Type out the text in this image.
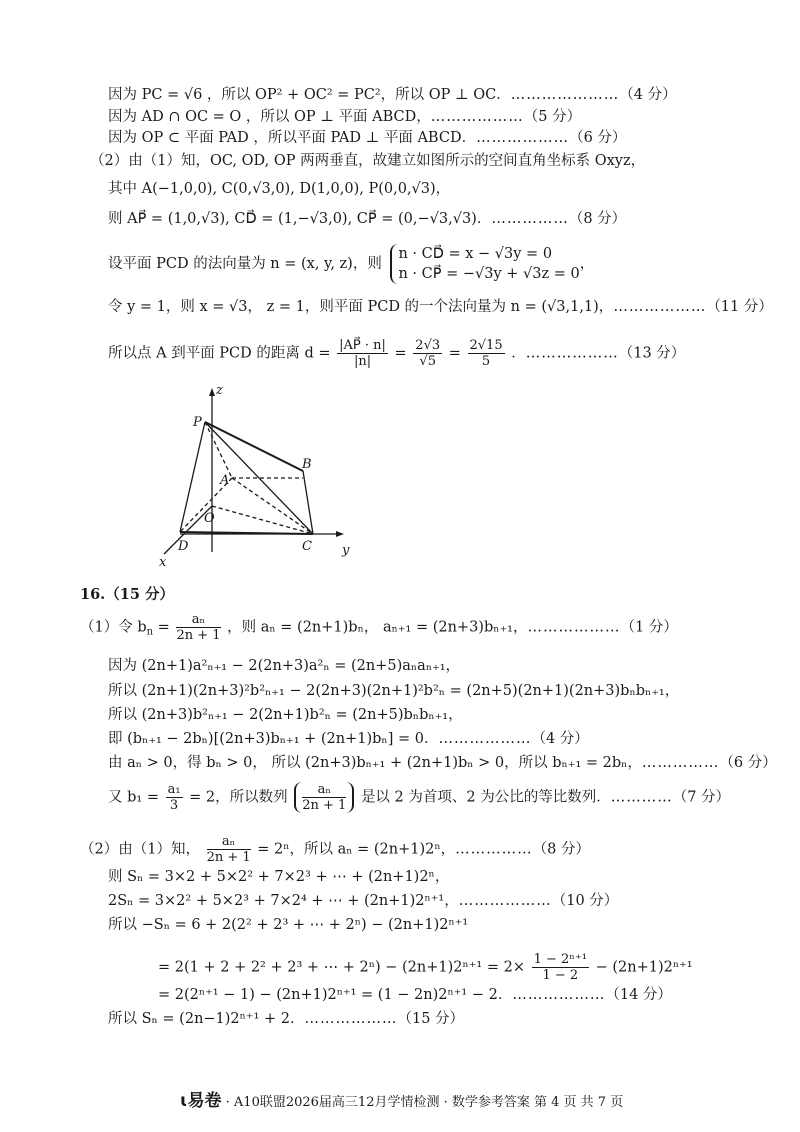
因为 PC = √6 ，所以 OP² + OC² = PC²，所以 OP ⊥ OC．…………………（4 分）
因为 AD ∩ OC = O ，所以 OP ⊥ 平面 ABCD，………………（5 分）
因为 OP ⊂ 平面 PAD ，所以平面 PAD ⊥ 平面 ABCD．………………（6 分）
（2）由（1）知，OC, OD, OP 两两垂直，故建立如图所示的空间直角坐标系 Oxyz，
其中 A(−1,0,0), C(0,√3,0), D(1,0,0), P(0,0,√3)，
则 AP⃗ = (1,0,√3), CD⃗ = (1,−√3,0), CP⃗ = (0,−√3,√3)．……………（8 分）
设平面 PCD 的法向量为 n = (x, y, z)，则
n · CD⃗ = x − √3y = 0
n · CP⃗ = −√3y + √3z = 0
，
令 y = 1，则 x = √3， z = 1，则平面 PCD 的一个法向量为 n = (√3,1,1)，………………（11 分）
所以点 A 到平面 PCD 的距离 $d = \frac{|AP⃗ \cdot n|}{|n|} = \frac{2√3}{√5} = \frac{2√15}{5}$ ．………………（13 分）
z
P
B
A
O
D	C
x
y
16.（15 分）
（1）令 $b_n = \frac{\text{aₙ}}{2n + 1}$ ，则 aₙ = (2n+1)bₙ， aₙ₊₁ = (2n+3)bₙ₊₁，………………（1 分）
因为 (2n+1)a²ₙ₊₁ − 2(2n+3)a²ₙ = (2n+5)aₙaₙ₊₁，
所以 (2n+1)(2n+3)²b²ₙ₊₁ − 2(2n+3)(2n+1)²b²ₙ = (2n+5)(2n+1)(2n+3)bₙbₙ₊₁，
所以 (2n+3)b²ₙ₊₁ − 2(2n+1)b²ₙ = (2n+5)bₙbₙ₊₁，
即 (bₙ₊₁ − 2bₙ)[(2n+3)bₙ₊₁ + (2n+1)bₙ] = 0．………………（4 分）
由 aₙ > 0，得 bₙ > 0， 所以 (2n+3)bₙ₊₁ + (2n+1)bₙ > 0，所以 bₙ₊₁ = 2bₙ，……………（6 分）
又 $b_1 = \frac{\text{a₁}}{3} = 2$，所以数列 $\frac{\text{aₙ}}{2n + 1}$ 是以 2 为首项、2 为公比的等比数列．…………（7 分）
（2）由（1）知， $\frac{\text{aₙ}}{2n + 1} = 2^n$，所以 aₙ = (2n+1)2ⁿ，……………（8 分）
则 Sₙ = 3×2 + 5×2² + 7×2³ + ⋯ + (2n+1)2ⁿ，
2Sₙ = 3×2² + 5×2³ + 7×2⁴ + ⋯ + (2n+1)2ⁿ⁺¹，………………（10 分）
所以 −Sₙ = 6 + 2(2² + 2³ + ⋯ + 2ⁿ) − (2n+1)2ⁿ⁺¹
= 2(1 + 2 + 2² + 2³ + ⋯ + $2^n) - (2n+1)2^{n+1} = 2\times \frac{\text{1 − 2ⁿ⁺¹}}{1 - 2} - (2n+1)2^{n+1}$
= 2(2ⁿ⁺¹ − 1) − (2n+1)2ⁿ⁺¹ = (1 − 2n)2ⁿ⁺¹ − 2．………………（14 分）
所以 Sₙ = (2n−1)2ⁿ⁺¹ + 2．………………（15 分）
ꙇ易卷 · A10联盟2026届高三12月学情检测 · 数学参考答案 第 4 页 共 7 页
